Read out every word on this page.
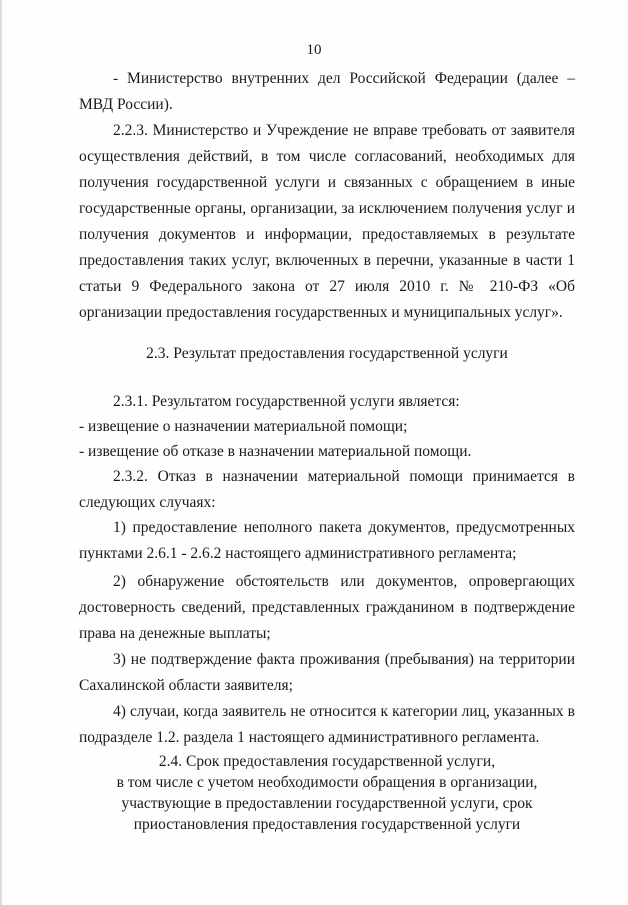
10

- Министерство внутренних дел Российской Федерации (далее – МВД России).

2.2.3. Министерство и Учреждение не вправе требовать от заявителя осуществления действий, в том числе согласований, необходимых для получения государственной услуги и связанных с обращением в иные государственные органы, организации, за исключением получения услуг и получения документов и информации, предоставляемых в результате предоставления таких услуг, включенных в перечни, указанные в части 1 статьи 9 Федерального закона от 27 июля 2010 г. № 210-ФЗ «Об организации предоставления государственных и муниципальных услуг».

2.3. Результат предоставления государственной услуги

2.3.1. Результатом государственной услуги является:

- извещение о назначении материальной помощи;

- извещение об отказе в назначении материальной помощи.

2.3.2. Отказ в назначении материальной помощи принимается в следующих случаях:

1) предоставление неполного пакета документов, предусмотренных пунктами 2.6.1 - 2.6.2 настоящего административного регламента;

2) обнаружение обстоятельств или документов, опровергающих достоверность сведений, представленных гражданином в подтверждение права на денежные выплаты;

3) не подтверждение факта проживания (пребывания) на территории Сахалинской области заявителя;

4) случаи, когда заявитель не относится к категории лиц, указанных в подразделе 1.2. раздела 1 настоящего административного регламента.

2.4. Срок предоставления государственной услуги,
в том числе с учетом необходимости обращения в организации,
участвующие в предоставлении государственной услуги, срок
приостановления предоставления государственной услуги
